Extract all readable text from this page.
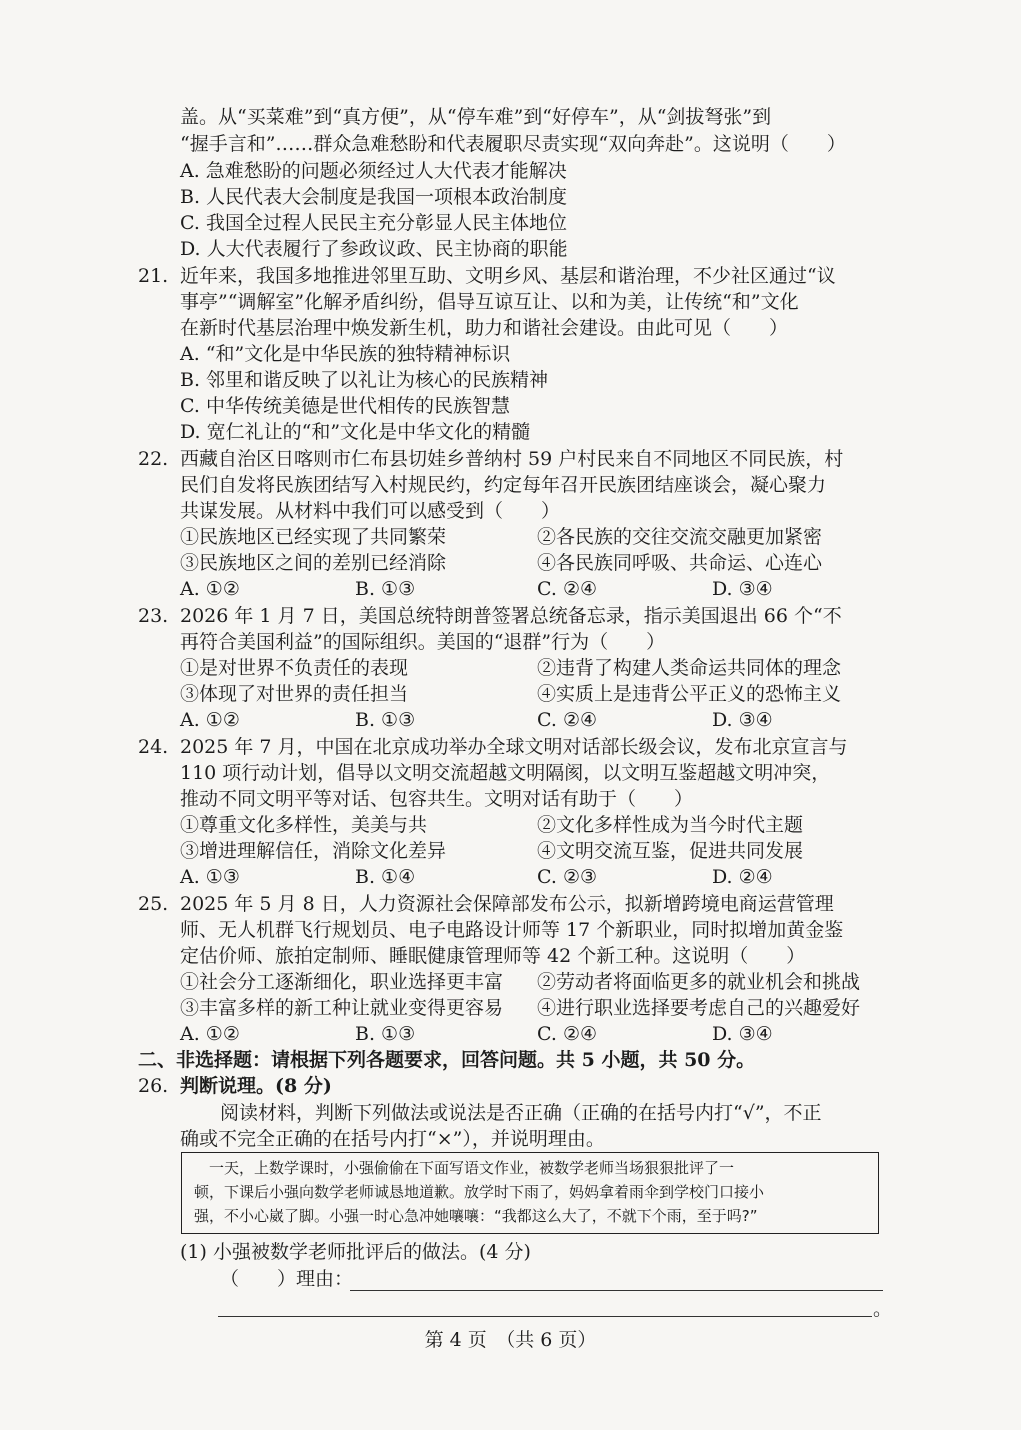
盖。从“买菜难”到“真方便”，从“停车难”到“好停车”，从“剑拔弩张”到
“握手言和”……群众急难愁盼和代表履职尽责实现“双向奔赴”。这说明（　　）
A. 急难愁盼的问题必须经过人大代表才能解决
B. 人民代表大会制度是我国一项根本政治制度
C. 我国全过程人民民主充分彰显人民主体地位
D. 人大代表履行了参政议政、民主协商的职能
21. 近年来，我国多地推进邻里互助、文明乡风、基层和谐治理，不少社区通过“议
事亭”“调解室”化解矛盾纠纷，倡导互谅互让、以和为美，让传统“和”文化
在新时代基层治理中焕发新生机，助力和谐社会建设。由此可见（　　）
A. “和”文化是中华民族的独特精神标识
B. 邻里和谐反映了以礼让为核心的民族精神
C. 中华传统美德是世代相传的民族智慧
D. 宽仁礼让的“和”文化是中华文化的精髓
22. 西藏自治区日喀则市仁布县切娃乡普纳村 59 户村民来自不同地区不同民族，村
民们自发将民族团结写入村规民约，约定每年召开民族团结座谈会，凝心聚力
共谋发展。从材料中我们可以感受到（　　）
①民族地区已经实现了共同繁荣	②各民族的交往交流交融更加紧密
③民族地区之间的差别已经消除	④各民族同呼吸、共命运、心连心
A. ①②	B. ①③	C. ②④	D. ③④
23. 2026 年 1 月 7 日，美国总统特朗普签署总统备忘录，指示美国退出 66 个“不
再符合美国利益”的国际组织。美国的“退群”行为（　　）
①是对世界不负责任的表现	②违背了构建人类命运共同体的理念
③体现了对世界的责任担当	④实质上是违背公平正义的恐怖主义
A. ①②	B. ①③	C. ②④	D. ③④
24. 2025 年 7 月，中国在北京成功举办全球文明对话部长级会议，发布北京宣言与
110 项行动计划，倡导以文明交流超越文明隔阂，以文明互鉴超越文明冲突，
推动不同文明平等对话、包容共生。文明对话有助于（　　）
①尊重文化多样性，美美与共	②文化多样性成为当今时代主题
③增进理解信任，消除文化差异	④文明交流互鉴，促进共同发展
A. ①③	B. ①④	C. ②③	D. ②④
25. 2025 年 5 月 8 日，人力资源社会保障部发布公示，拟新增跨境电商运营管理
师、无人机群飞行规划员、电子电路设计师等 17 个新职业，同时拟增加黄金鉴
定估价师、旅拍定制师、睡眠健康管理师等 42 个新工种。这说明（　　）
①社会分工逐渐细化，职业选择更丰富 ②劳动者将面临更多的就业机会和挑战
③丰富多样的新工种让就业变得更容易 ④进行职业选择要考虑自己的兴趣爱好
A. ①②	B. ①③	C. ②④	D. ③④
二、非选择题：请根据下列各题要求，回答问题。共 5 小题，共 50 分。
26. 判断说理。(8 分)
阅读材料，判断下列做法或说法是否正确（正确的在括号内打“√”，不正
确或不完全正确的在括号内打“×”），并说明理由。
　一天，上数学课时，小强偷偷在下面写语文作业，被数学老师当场狠狠批评了一
顿，下课后小强向数学老师诚恳地道歉。放学时下雨了，妈妈拿着雨伞到学校门口接小
强，不小心崴了脚。小强一时心急冲她嚷嚷：“我都这么大了，不就下个雨，至于吗?”
(1) 小强被数学老师批评后的做法。(4 分)
（　　）理由：
。
第 4 页　（共 6 页）
